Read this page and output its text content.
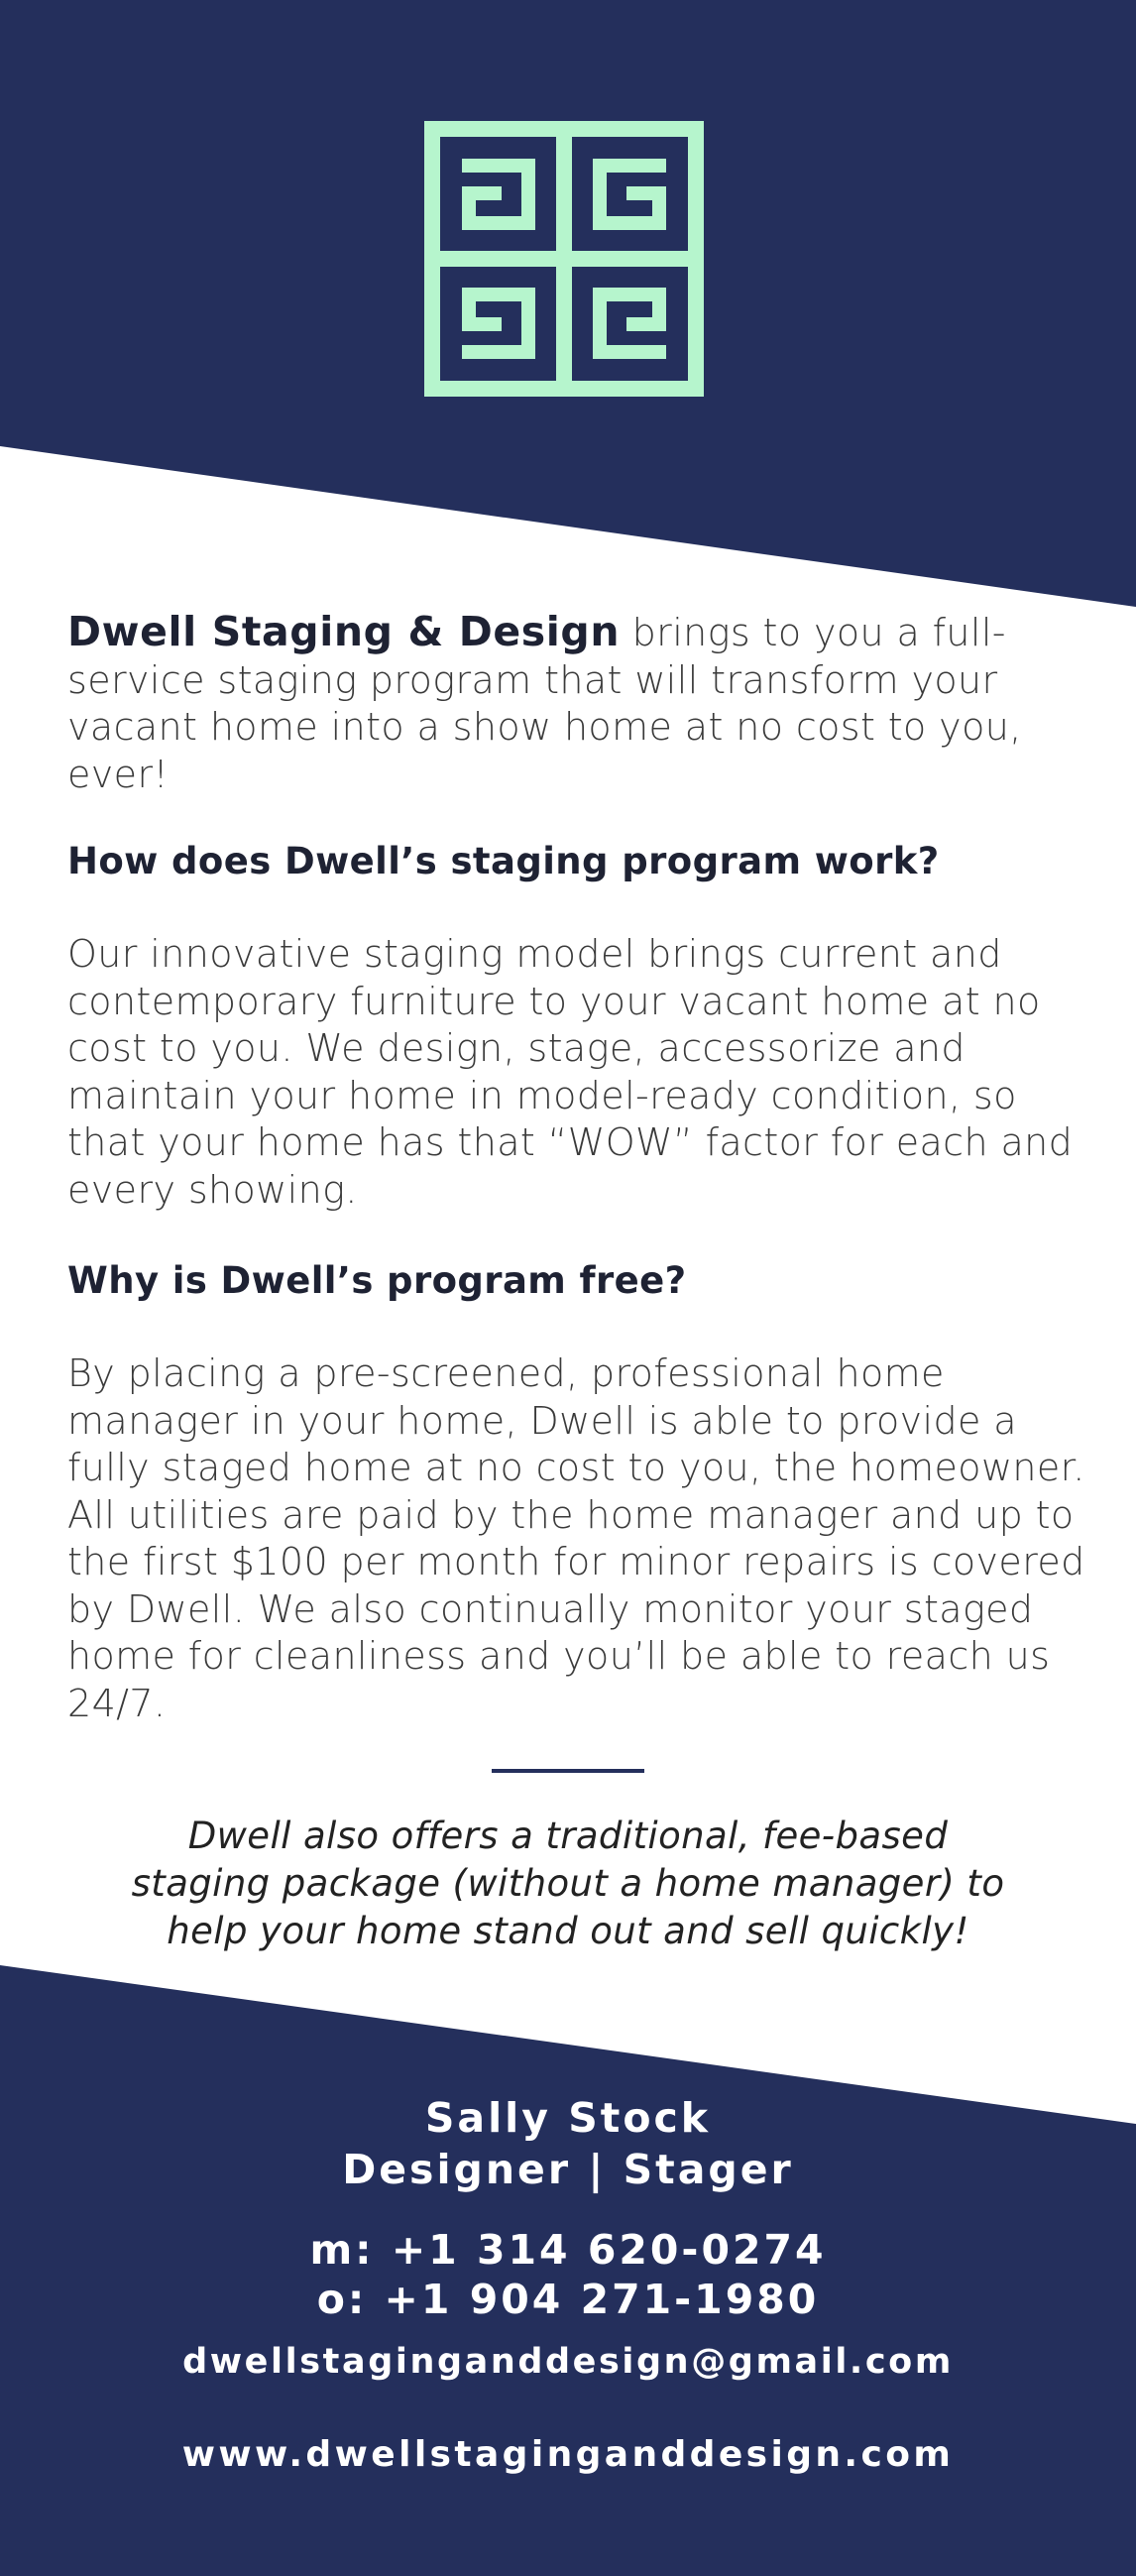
Dwell Staging & Design brings to you a full-service staging program that will transform your vacant home into a show home at no cost to you, ever!

How does Dwell’s staging program work?

Our innovative staging model brings current and contemporary furniture to your vacant home at no cost to you. We design, stage, accessorize and maintain your home in model-ready condition, so that your home has that “WOW” factor for each and every showing.

Why is Dwell’s program free?

By placing a pre-screened, professional home manager in your home, Dwell is able to provide a fully staged home at no cost to you, the homeowner. All utilities are paid by the home manager and up to the first $100 per month for minor repairs is covered by Dwell. We also continually monitor your staged home for cleanliness and you’ll be able to reach us 24/7.

Dwell also offers a traditional, fee-based staging package (without a home manager) to help your home stand out and sell quickly!
Sally Stock
Designer | Stager
m: +1 314 620-0274
o: +1 904 271-1980
dwellstaginganddesign@gmail.com
www.dwellstaginganddesign.com
